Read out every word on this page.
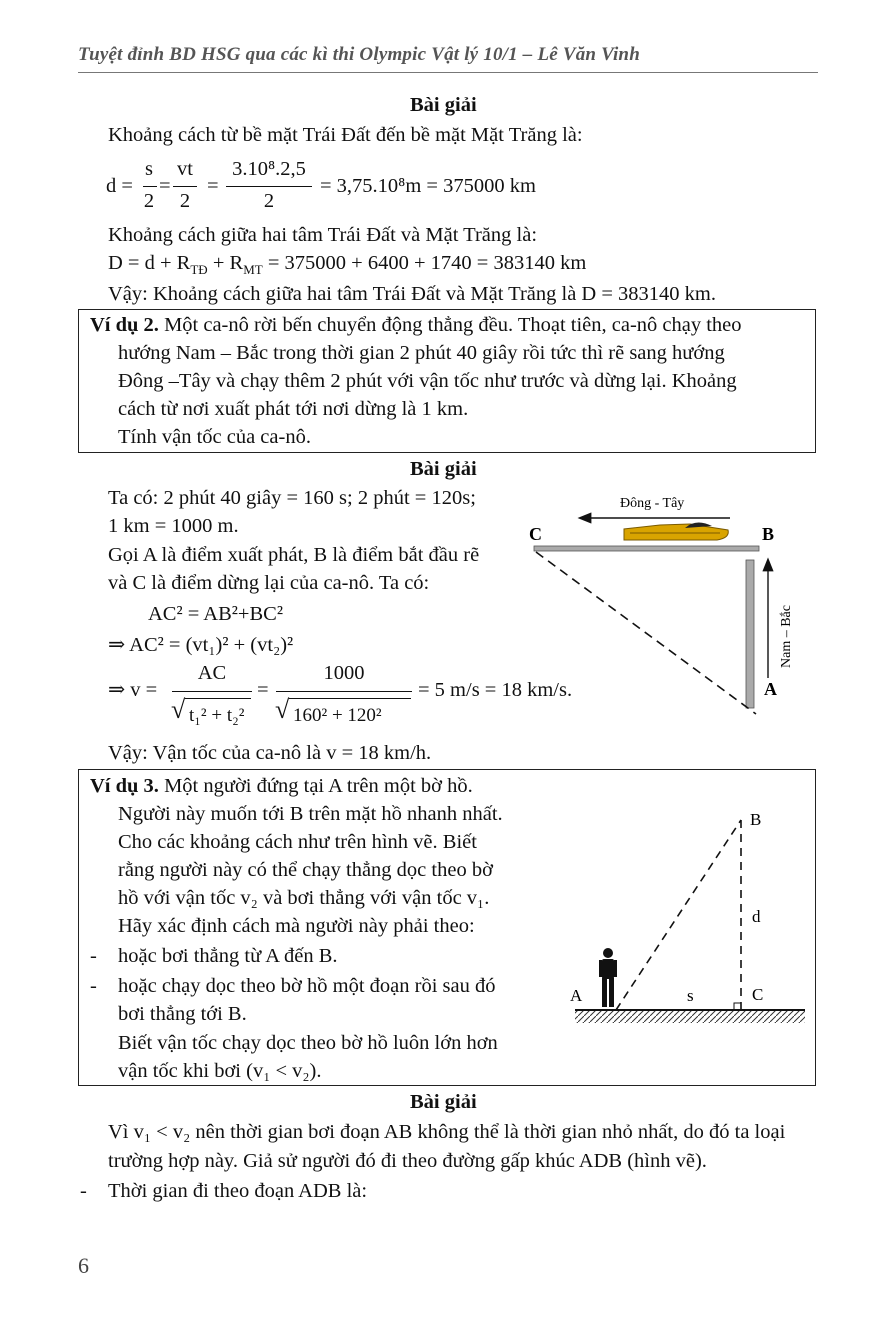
Tuyệt đỉnh BD HSG qua các kì thi Olympic Vật lý 10/1 – Lê Văn Vinh
Bài giải
Khoảng cách từ bề mặt Trái Đất đến bề mặt Mặt Trăng là:
d =
s
2
=
vt
2
=
3.10⁸.2,5
2
= 3,75.10⁸m = 375000 km
Khoảng cách giữa hai tâm Trái Đất và Mặt Trăng là:
$D = d + R_{TĐ} + R_{MT} = 375000 + 6400 + 1740 = 383140$ km
Vậy: Khoảng cách giữa hai tâm Trái Đất và Mặt Trăng là D = 383140 km.
Ví dụ 2. Một ca-nô rời bến chuyển động thẳng đều. Thoạt tiên, ca-nô chạy theo
hướng Nam – Bắc trong thời gian 2 phút 40 giây rồi tức thì rẽ sang hướng
Đông –Tây và chạy thêm 2 phút với vận tốc như trước và dừng lại. Khoảng
cách từ nơi xuất phát tới nơi dừng là 1 km.
Tính vận tốc của ca-nô.
Bài giải
Ta có: 2 phút 40 giây = 160 s; 2 phút = 120s;
1 km = 1000 m.
Gọi A là điểm xuất phát, B là điểm bắt đầu rẽ
và C là điểm dừng lại của ca-nô. Ta có:
AC² = AB²+BC²
⇒ AC² = (vt₁)² + (vt₂)²
⇒ v =
AC
√ t₁² + t₂²
=
1000
√ 160² + 120²
= 5 m/s = 18 km/s.
Vậy: Vận tốc của ca-nô là v = 18 km/h.
Đông - Tây
C	B
Nam – Bắc
A
Ví dụ 3. Một người đứng tại A trên một bờ hồ.
Người này muốn tới B trên mặt hồ nhanh nhất.
Cho các khoảng cách như trên hình vẽ. Biết
rằng người này có thể chạy thẳng dọc theo bờ
hồ với vận tốc v₂ và bơi thẳng với vận tốc v₁.
Hãy xác định cách mà người này phải theo:
- hoặc bơi thẳng từ A đến B.
- hoặc chạy dọc theo bờ hồ một đoạn rồi sau đó
bơi thẳng tới B.
Biết vận tốc chạy dọc theo bờ hồ luôn lớn hơn
vận tốc khi bơi (v₁ < v₂).
A
B
C
d
s
Bài giải
Vì v₁ < v₂ nên thời gian bơi đoạn AB không thể là thời gian nhỏ nhất, do đó ta loại
trường hợp này. Giả sử người đó đi theo đường gấp khúc ADB (hình vẽ).
- Thời gian đi theo đoạn ADB là:
6
